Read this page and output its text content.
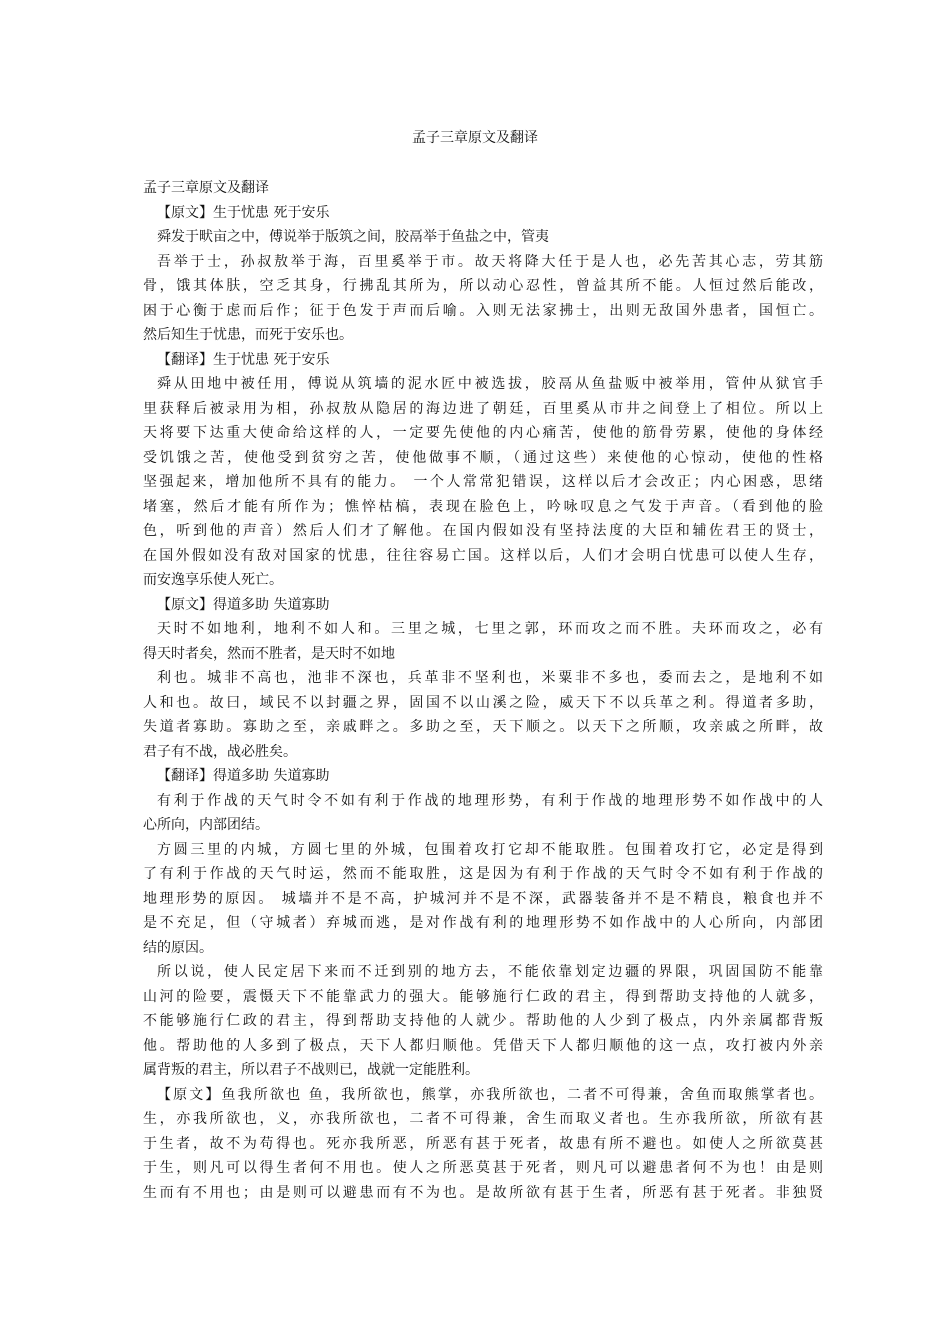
孟子三章原文及翻译
孟子三章原文及翻译
【原文】生于忧患 死于安乐
舜发于畎亩之中，傅说举于版筑之间，胶鬲举于鱼盐之中，管夷
吾举于士，孙叔敖举于海，百里奚举于市。故天将降大任于是人也，必先苦其心志，劳其筋
骨，饿其体肤，空乏其身，行拂乱其所为，所以动心忍性，曾益其所不能。人恒过然后能改，
困于心衡于虑而后作；征于色发于声而后喻。入则无法家拂士，出则无敌国外患者，国恒亡。
然后知生于忧患，而死于安乐也。
【翻译】生于忧患 死于安乐
舜从田地中被任用，傅说从筑墙的泥水匠中被选拔，胶鬲从鱼盐贩中被举用，管仲从狱官手
里获释后被录用为相，孙叔敖从隐居的海边进了朝廷，百里奚从市井之间登上了相位。所以上
天将要下达重大使命给这样的人，一定要先使他的内心痛苦，使他的筋骨劳累，使他的身体经
受饥饿之苦，使他受到贫穷之苦，使他做事不顺，（通过这些）来使他的心惊动，使他的性格
坚强起来，增加他所不具有的能力。 一个人常常犯错误，这样以后才会改正；内心困惑，思绪
堵塞，然后才能有所作为；憔悴枯槁，表现在脸色上，吟咏叹息之气发于声音。（看到他的脸
色，听到他的声音）然后人们才了解他。在国内假如没有坚持法度的大臣和辅佐君王的贤士，
在国外假如没有敌对国家的忧患，往往容易亡国。这样以后，人们才会明白忧患可以使人生存，
而安逸享乐使人死亡。
【原文】得道多助 失道寡助
天时不如地利，地利不如人和。三里之城，七里之郭，环而攻之而不胜。夫环而攻之，必有
得天时者矣，然而不胜者，是天时不如地
利也。城非不高也，池非不深也，兵革非不坚利也，米粟非不多也，委而去之，是地利不如
人和也。故曰，域民不以封疆之界，固国不以山溪之险，威天下不以兵革之利。得道者多助，
失道者寡助。寡助之至，亲戚畔之。多助之至，天下顺之。以天下之所顺，攻亲戚之所畔，故
君子有不战，战必胜矣。
【翻译】得道多助 失道寡助
有利于作战的天气时令不如有利于作战的地理形势，有利于作战的地理形势不如作战中的人
心所向，内部团结。
方圆三里的内城，方圆七里的外城，包围着攻打它却不能取胜。包围着攻打它，必定是得到
了有利于作战的天气时运，然而不能取胜，这是因为有利于作战的天气时令不如有利于作战的
地理形势的原因。 城墙并不是不高，护城河并不是不深，武器装备并不是不精良，粮食也并不
是不充足，但（守城者）弃城而逃，是对作战有利的地理形势不如作战中的人心所向，内部团
结的原因。
所以说，使人民定居下来而不迁到别的地方去，不能依靠划定边疆的界限，巩固国防不能靠
山河的险要，震慑天下不能靠武力的强大。能够施行仁政的君主，得到帮助支持他的人就多，
不能够施行仁政的君主，得到帮助支持他的人就少。帮助他的人少到了极点，内外亲属都背叛
他。帮助他的人多到了极点，天下人都归顺他。凭借天下人都归顺他的这一点，攻打被内外亲
属背叛的君主，所以君子不战则已，战就一定能胜利。
【原文】鱼我所欲也 鱼，我所欲也，熊掌，亦我所欲也，二者不可得兼，舍鱼而取熊掌者也。
生，亦我所欲也，义，亦我所欲也，二者不可得兼，舍生而取义者也。生亦我所欲，所欲有甚
于生者，故不为苟得也。死亦我所恶，所恶有甚于死者，故患有所不避也。如使人之所欲莫甚
于生，则凡可以得生者何不用也。使人之所恶莫甚于死者，则凡可以避患者何不为也！由是则
生而有不用也；由是则可以避患而有不为也。是故所欲有甚于生者，所恶有甚于死者。非独贤
